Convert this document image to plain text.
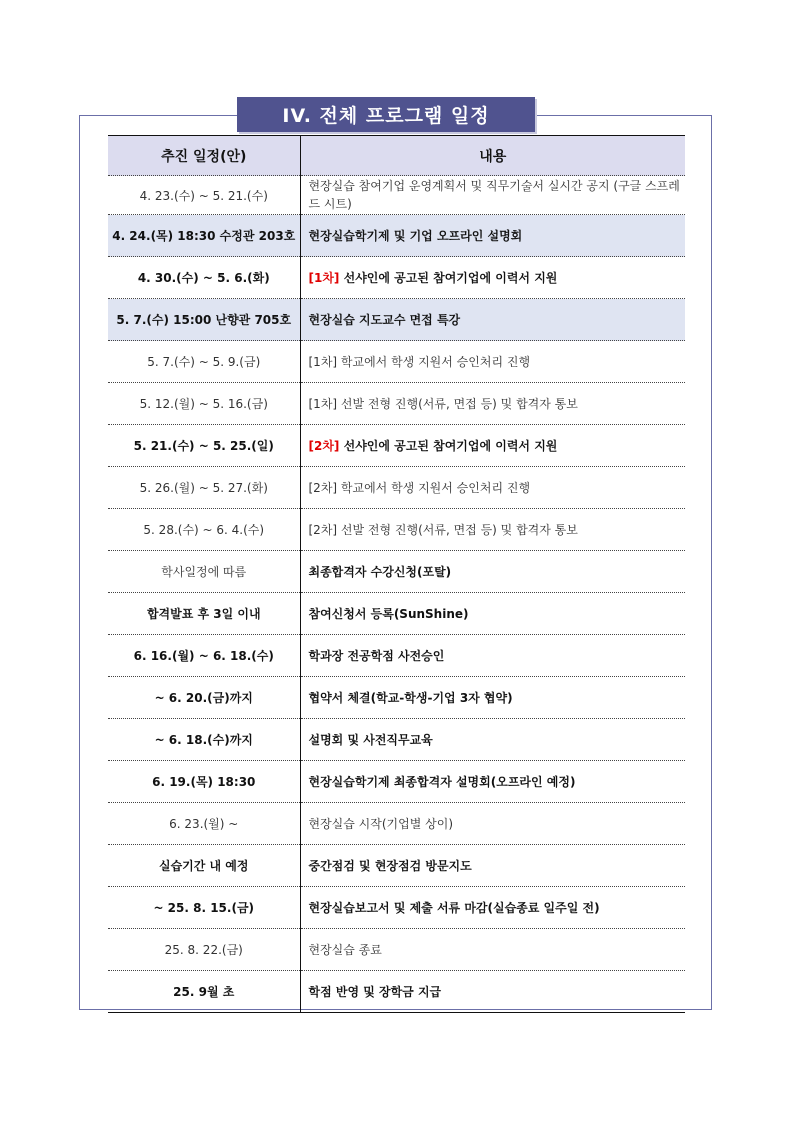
IV. 전체 프로그램 일정
추진 일정(안)	내용
4. 23.(수) ~ 5. 21.(수)	현장실습 참여기업 운영계획서 및 직무기술서 실시간 공지 (구글 스프레드 시트)
4. 24.(목) 18:30 수정관 203호	현장실습학기제 및 기업 오프라인 설명회
4. 30.(수) ~ 5. 6.(화)	[1차] 선샤인에 공고된 참여기업에 이력서 지원
5. 7.(수) 15:00 난향관 705호	현장실습 지도교수 면접 특강
5. 7.(수) ~ 5. 9.(금)	[1차] 학교에서 학생 지원서 승인처리 진행
5. 12.(월) ~ 5. 16.(금)	[1차] 선발 전형 진행(서류, 면접 등) 및 합격자 통보
5. 21.(수) ~ 5. 25.(일)	[2차] 선샤인에 공고된 참여기업에 이력서 지원
5. 26.(월) ~ 5. 27.(화)	[2차] 학교에서 학생 지원서 승인처리 진행
5. 28.(수) ~ 6. 4.(수)	[2차] 선발 전형 진행(서류, 면접 등) 및 합격자 통보
학사일정에 따름	최종합격자 수강신청(포탈)
합격발표 후 3일 이내	참여신청서 등록(SunShine)
6. 16.(월) ~ 6. 18.(수)	학과장 전공학점 사전승인
~ 6. 20.(금)까지	협약서 체결(학교-학생-기업 3자 협약)
~ 6. 18.(수)까지	설명회 및 사전직무교육
6. 19.(목) 18:30	현장실습학기제 최종합격자 설명회(오프라인 예정)
6. 23.(월) ~	현장실습 시작(기업별 상이)
실습기간 내 예정	중간점검 및 현장점검 방문지도
~ 25. 8. 15.(금)	현장실습보고서 및 제출 서류 마감(실습종료 일주일 전)
25. 8. 22.(금)	현장실습 종료
25. 9월 초	학점 반영 및 장학금 지급
